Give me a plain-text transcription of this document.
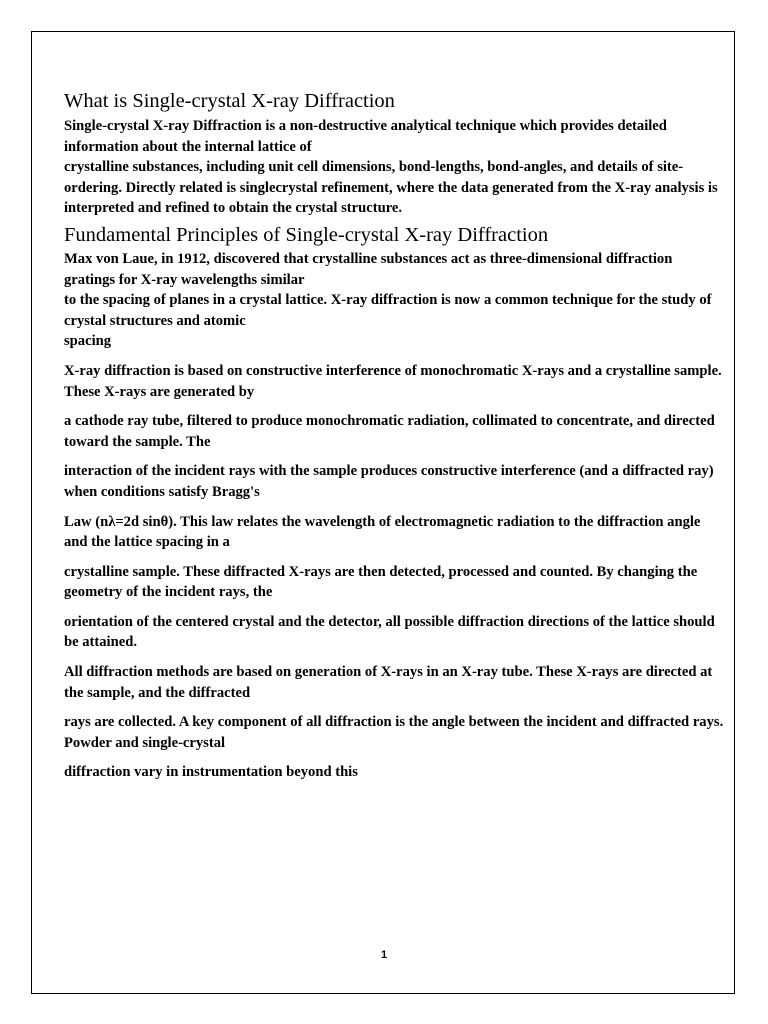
What is Single-crystal X-ray Diffraction

Single-crystal X-ray Diffraction is a non-destructive analytical technique which provides detailed information about the internal lattice of

crystalline substances, including unit cell dimensions, bond-lengths, bond-angles, and details of site-ordering. Directly related is singlecrystal refinement, where the data generated from the X-ray analysis is interpreted and refined to obtain the crystal structure.

Fundamental Principles of Single-crystal X-ray Diffraction

Max von Laue, in 1912, discovered that crystalline substances act as three-dimensional diffraction gratings for X-ray wavelengths similar

to the spacing of planes in a crystal lattice. X-ray diffraction is now a common technique for the study of crystal structures and atomic

spacing

X-ray diffraction is based on constructive interference of monochromatic X-rays and a crystalline sample. These X-rays are generated by

a cathode ray tube, filtered to produce monochromatic radiation, collimated to concentrate, and directed toward the sample. The

interaction of the incident rays with the sample produces constructive interference (and a diffracted ray) when conditions satisfy Bragg's

Law (nλ=2d sinθ). This law relates the wavelength of electromagnetic radiation to the diffraction angle and the lattice spacing in a

crystalline sample. These diffracted X-rays are then detected, processed and counted. By changing the geometry of the incident rays, the

orientation of the centered crystal and the detector, all possible diffraction directions of the lattice should be attained.

All diffraction methods are based on generation of X-rays in an X-ray tube. These X-rays are directed at the sample, and the diffracted

rays are collected. A key component of all diffraction is the angle between the incident and diffracted rays. Powder and single-crystal

diffraction vary in instrumentation beyond this

1
